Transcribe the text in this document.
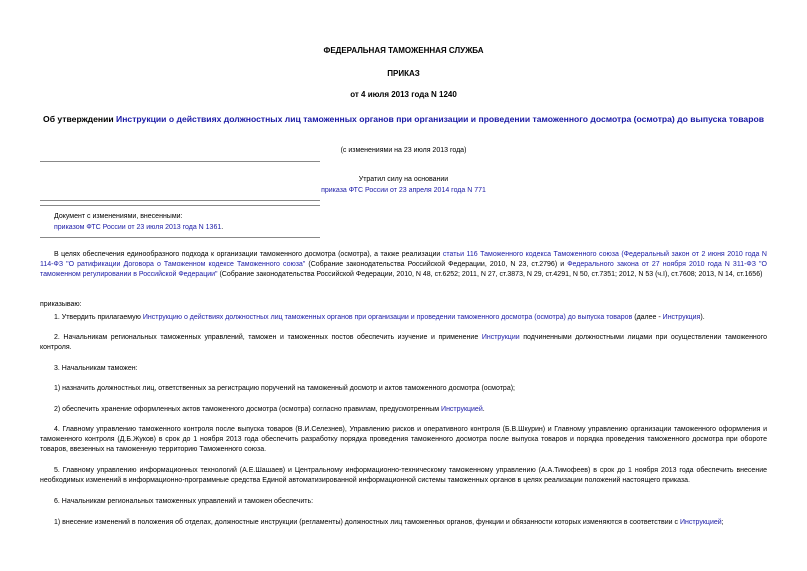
ФЕДЕРАЛЬНАЯ ТАМОЖЕННАЯ СЛУЖБА
ПРИКАЗ
от 4 июля 2013 года N 1240
Об утверждении Инструкции о действиях должностных лиц таможенных органов при организации и проведении таможенного досмотра (осмотра) до выпуска товаров
(с изменениями на 23 июля 2013 года)
Утратил силу на основании
приказа ФТС России от 23 апреля 2014 года N 771
Документ с изменениями, внесенными:
приказом ФТС России от 23 июля 2013 года N 1361.
В целях обеспечения единообразного подхода к организации таможенного досмотра (осмотра), а также реализации статьи 116 Таможенного кодекса Таможенного союза (Федеральный закон от 2 июня 2010 года N 114-ФЗ "О ратификации Договора о Таможенном кодексе Таможенного союза" (Собрание законодательства Российской Федерации, 2010, N 23, ст.2796) и Федерального закона от 27 ноября 2010 года N 311-ФЗ "О таможенном регулировании в Российской Федерации" (Собрание законодательства Российской Федерации, 2010, N 48, ст.6252; 2011, N 27, ст.3873, N 29, ст.4291, N 50, ст.7351; 2012, N 53 (ч.I), ст.7608; 2013, N 14, ст.1656)
приказываю:
1. Утвердить прилагаемую Инструкцию о действиях должностных лиц таможенных органов при организации и проведении таможенного досмотра (осмотра) до выпуска товаров (далее - Инструкция).
2. Начальникам региональных таможенных управлений, таможен и таможенных постов обеспечить изучение и применение Инструкции подчиненными должностными лицами при осуществлении таможенного контроля.
3. Начальникам таможен:
1) назначить должностных лиц, ответственных за регистрацию поручений на таможенный досмотр и актов таможенного досмотра (осмотра);
2) обеспечить хранение оформленных актов таможенного досмотра (осмотра) согласно правилам, предусмотренным Инструкцией.
4. Главному управлению таможенного контроля после выпуска товаров (В.И.Селезнев), Управлению рисков и оперативного контроля (Б.В.Шкурин) и Главному управлению организации таможенного оформления и таможенного контроля (Д.Б.Жуков) в срок до 1 ноября 2013 года обеспечить разработку порядка проведения таможенного досмотра после выпуска товаров и порядка проведения таможенного досмотра при обороте товаров, ввезенных на таможенную территорию Таможенного союза.
5. Главному управлению информационных технологий (А.Е.Шашаев) и Центральному информационно-техническому таможенному управлению (А.А.Тимофеев) в срок до 1 ноября 2013 года обеспечить внесение необходимых изменений в информационно-программные средства Единой автоматизированной информационной системы таможенных органов в целях реализации положений настоящего приказа.
6. Начальникам региональных таможенных управлений и таможен обеспечить:
1) внесение изменений в положения об отделах, должностные инструкции (регламенты) должностных лиц таможенных органов, функции и обязанности которых изменяются в соответствии с Инструкцией;
